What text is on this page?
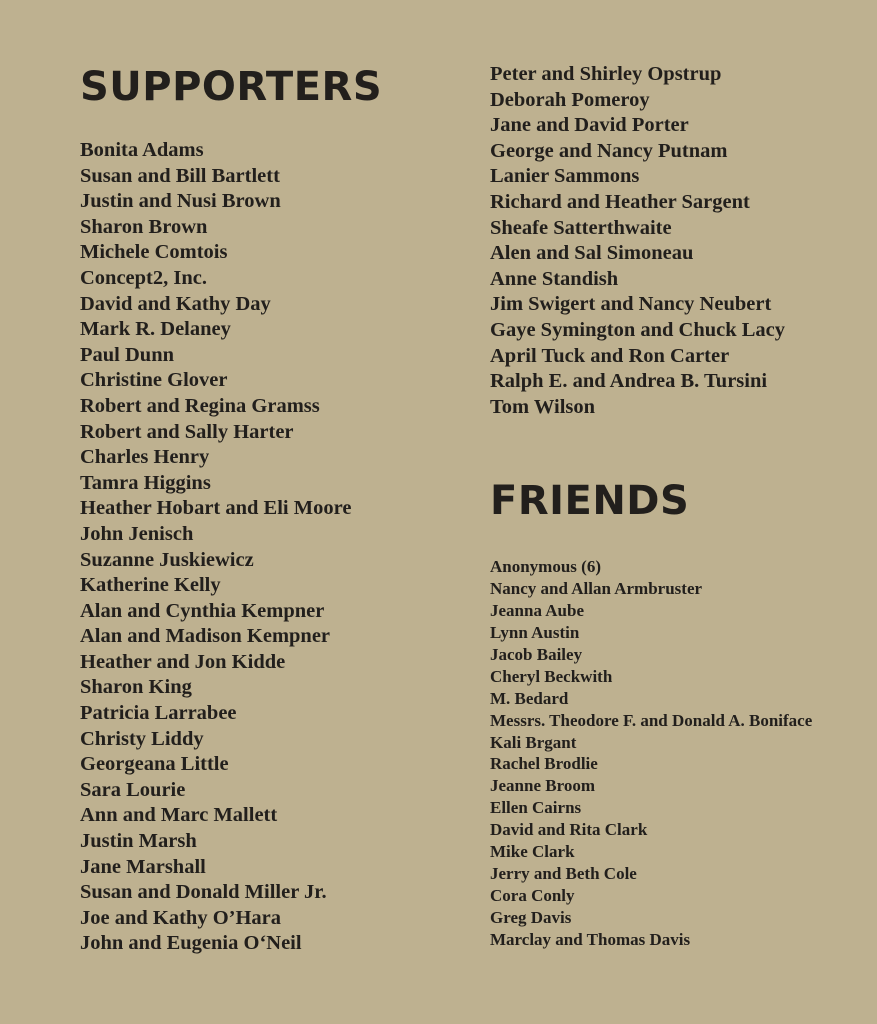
SUPPORTERS
Bonita Adams
Susan and Bill Bartlett
Justin and Nusi Brown
Sharon Brown
Michele Comtois
Concept2, Inc.
David and Kathy Day
Mark R. Delaney
Paul Dunn
Christine Glover
Robert and Regina Gramss
Robert and Sally Harter
Charles Henry
Tamra Higgins
Heather Hobart and Eli Moore
John Jenisch
Suzanne Juskiewicz
Katherine Kelly
Alan and Cynthia Kempner
Alan and Madison Kempner
Heather and Jon Kidde
Sharon King
Patricia Larrabee
Christy Liddy
Georgeana Little
Sara Lourie
Ann and Marc Mallett
Justin Marsh
Jane Marshall
Susan and Donald Miller Jr.
Joe and Kathy O’Hara
John and Eugenia O‘Neil
Peter and Shirley Opstrup
Deborah Pomeroy
Jane and David Porter
George and Nancy Putnam
Lanier Sammons
Richard and Heather Sargent
Sheafe Satterthwaite
Alen and Sal Simoneau
Anne Standish
Jim Swigert and Nancy Neubert
Gaye Symington and Chuck Lacy
April Tuck and Ron Carter
Ralph E. and Andrea B. Tursini
Tom Wilson
FRIENDS
Anonymous (6)
Nancy and Allan Armbruster
Jeanna Aube
Lynn Austin
Jacob Bailey
Cheryl Beckwith
M. Bedard
Messrs. Theodore F. and Donald A. Boniface
Kali Brgant
Rachel Brodlie
Jeanne Broom
Ellen Cairns
David and Rita Clark
Mike Clark
Jerry and Beth Cole
Cora Conly
Greg Davis
Marclay and Thomas Davis
